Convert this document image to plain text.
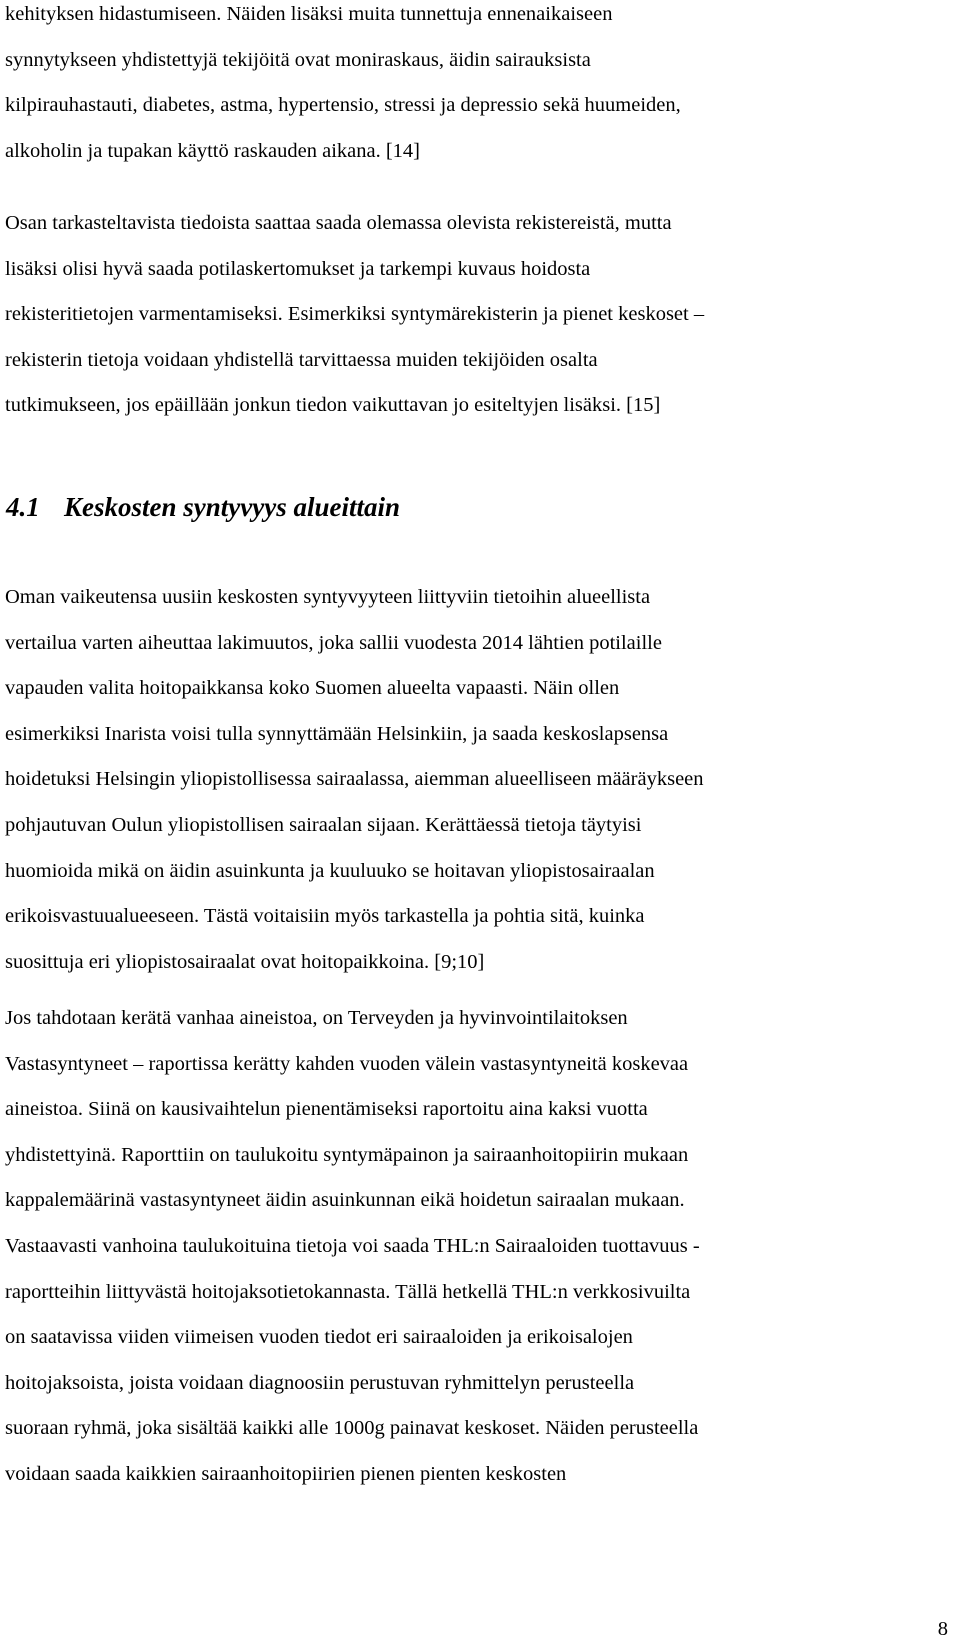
kehityksen hidastumiseen. Näiden lisäksi muita tunnettuja ennenaikaiseen
synnytykseen yhdistettyjä tekijöitä ovat moniraskaus, äidin sairauksista
kilpirauhastauti, diabetes, astma, hypertensio, stressi ja depressio sekä huumeiden,
alkoholin ja tupakan käyttö raskauden aikana. [14]

Osan tarkasteltavista tiedoista saattaa saada olemassa olevista rekistereistä, mutta
lisäksi olisi hyvä saada potilaskertomukset ja tarkempi kuvaus hoidosta
rekisteritietojen varmentamiseksi. Esimerkiksi syntymärekisterin ja pienet keskoset –
rekisterin tietoja voidaan yhdistellä tarvittaessa muiden tekijöiden osalta
tutkimukseen, jos epäillään jonkun tiedon vaikuttavan jo esiteltyjen lisäksi. [15]

4.1 Keskosten syntyvyys alueittain

Oman vaikeutensa uusiin keskosten syntyvyyteen liittyviin tietoihin alueellista
vertailua varten aiheuttaa lakimuutos, joka sallii vuodesta 2014 lähtien potilaille
vapauden valita hoitopaikkansa koko Suomen alueelta vapaasti. Näin ollen
esimerkiksi Inarista voisi tulla synnyttämään Helsinkiin, ja saada keskoslapsensa
hoidetuksi Helsingin yliopistollisessa sairaalassa, aiemman alueelliseen määräykseen
pohjautuvan Oulun yliopistollisen sairaalan sijaan. Kerättäessä tietoja täytyisi
huomioida mikä on äidin asuinkunta ja kuuluuko se hoitavan yliopistosairaalan
erikoisvastuualueeseen. Tästä voitaisiin myös tarkastella ja pohtia sitä, kuinka
suosittuja eri yliopistosairaalat ovat hoitopaikkoina. [9;10]

Jos tahdotaan kerätä vanhaa aineistoa, on Terveyden ja hyvinvointilaitoksen
Vastasyntyneet – raportissa kerätty kahden vuoden välein vastasyntyneitä koskevaa
aineistoa. Siinä on kausivaihtelun pienentämiseksi raportoitu aina kaksi vuotta
yhdistettyinä. Raporttiin on taulukoitu syntymäpainon ja sairaanhoitopiirin mukaan
kappalemäärinä vastasyntyneet äidin asuinkunnan eikä hoidetun sairaalan mukaan.
Vastaavasti vanhoina taulukoituina tietoja voi saada THL:n Sairaaloiden tuottavuus -
raportteihin liittyvästä hoitojaksotietokannasta. Tällä hetkellä THL:n verkkosivuilta
on saatavissa viiden viimeisen vuoden tiedot eri sairaaloiden ja erikoisalojen
hoitojaksoista, joista voidaan diagnoosiin perustuvan ryhmittelyn perusteella
suoraan ryhmä, joka sisältää kaikki alle 1000g painavat keskoset. Näiden perusteella
voidaan saada kaikkien sairaanhoitopiirien pienen pienten keskosten

8
